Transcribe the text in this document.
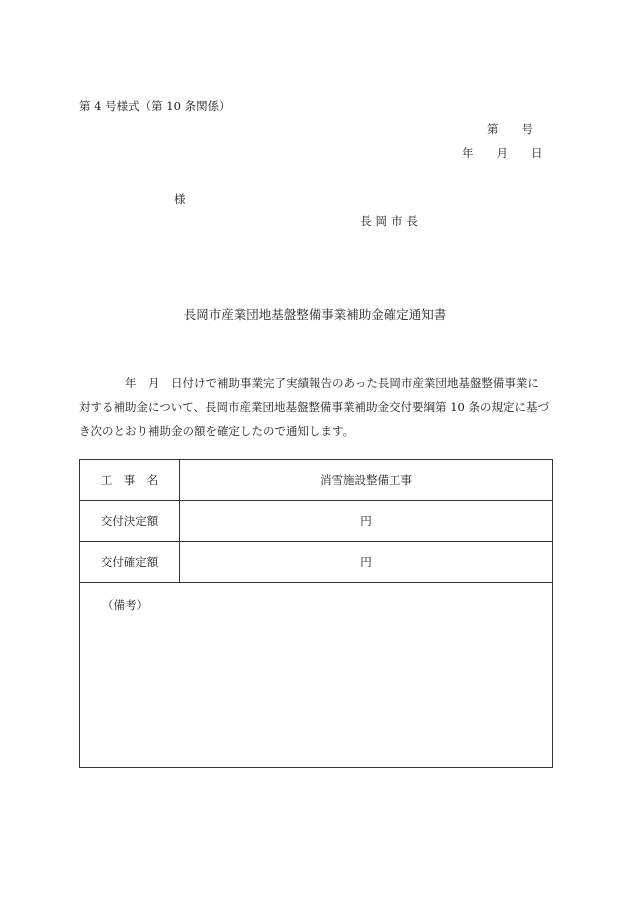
第 4 号様式（第 10 条関係）
第　　号
年　　月　　日
様
長岡市長
長岡市産業団地基盤整備事業補助金確定通知書

　　　　年　月　日付けで補助事業完了実績報告のあった長岡市産業団地基盤整備事業に

対する補助金について、長岡市産業団地基盤整備事業補助金交付要綱第 10 条の規定に基づ

き次のとおり補助金の額を確定したので通知します。

工　事　名	消雪施設整備工事
交付決定額	円
交付確定額	円
（備考）	
